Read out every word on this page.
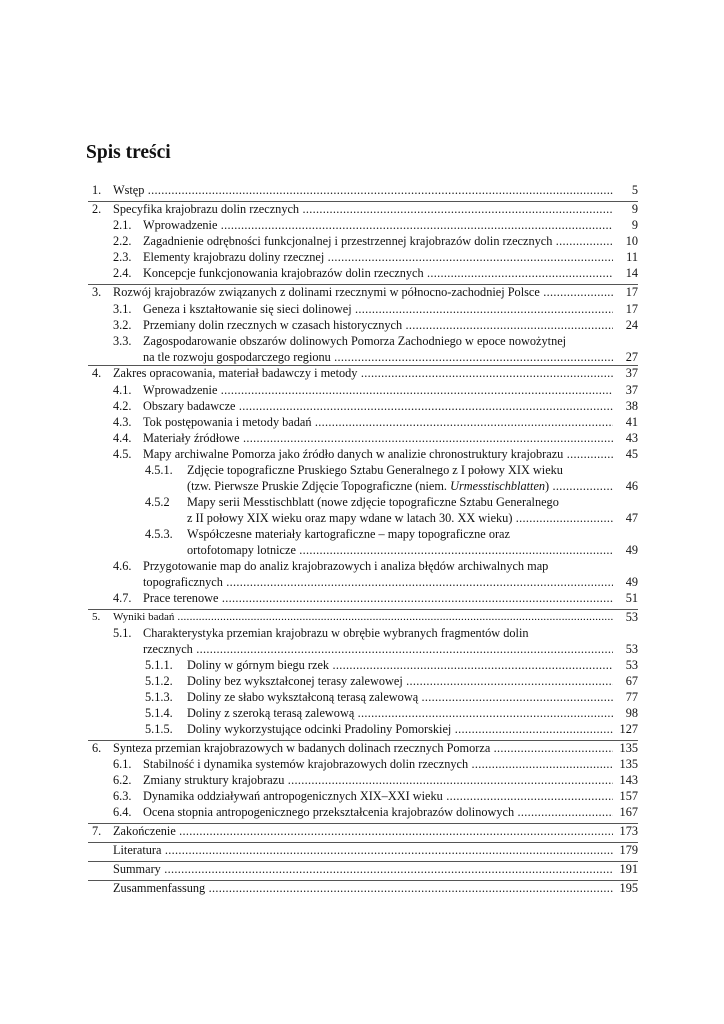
Spis treści
1. Wstęp .....	5
2. Specyfika krajobrazu dolin rzecznych .....	9
2.1. Wprowadzenie .....	9
2.2. Zagadnienie odrębności funkcjonalnej i przestrzennej krajobrazów dolin rzecznych .....	10
2.3. Elementy krajobrazu doliny rzecznej .....	11
2.4. Koncepcje funkcjonowania krajobrazów dolin rzecznych .....	14
3. Rozwój krajobrazów związanych z dolinami rzecznymi w północno-zachodniej Polsce .....	17
3.1. Geneza i kształtowanie się sieci dolinowej .....	17
3.2. Przemiany dolin rzecznych w czasach historycznych .....	24
3.3. Zagospodarowanie obszarów dolinowych Pomorza Zachodniego w epoce nowożytnej
na tle rozwoju gospodarczego regionu .....	27
4. Zakres opracowania, materiał badawczy i metody .....	37
4.1. Wprowadzenie .....	37
4.2. Obszary badawcze .....	38
4.3. Tok postępowania i metody badań .....	41
4.4. Materiały źródłowe .....	43
4.5. Mapy archiwalne Pomorza jako źródło danych w analizie chronostruktury krajobrazu .....	45
4.5.1. Zdjęcie topograficzne Pruskiego Sztabu Generalnego z I połowy XIX wieku
(tzw. Pierwsze Pruskie Zdjęcie Topograficzne (niem. Urmesstischblatten) .....	46
4.5.2 Mapy serii Messtischblatt (nowe zdjęcie topograficzne Sztabu Generalnego
z II połowy XIX wieku oraz mapy wdane w latach 30. XX wieku) .....	47
4.5.3. Współczesne materiały kartograficzne – mapy topograficzne oraz
ortofotomapy lotnicze .....	49
4.6. Przygotowanie map do analiz krajobrazowych i analiza błędów archiwalnych map
topograficznych .....	49
4.7. Prace terenowe .....	51
5. Wyniki badań .....	53
5.1. Charakterystyka przemian krajobrazu w obrębie wybranych fragmentów dolin
rzecznych .....	53
5.1.1. Doliny w górnym biegu rzek .....	53
5.1.2. Doliny bez wykształconej terasy zalewowej .....	67
5.1.3. Doliny ze słabo wykształconą terasą zalewową .....	77
5.1.4. Doliny z szeroką terasą zalewową .....	98
5.1.5. Doliny wykorzystujące odcinki Pradoliny Pomorskiej .....	127
6. Synteza przemian krajobrazowych w badanych dolinach rzecznych Pomorza .....	135
6.1. Stabilność i dynamika systemów krajobrazowych dolin rzecznych .....	135
6.2. Zmiany struktury krajobrazu .....	143
6.3. Dynamika oddziaływań antropogenicznych XIX–XXI wieku .....	157
6.4. Ocena stopnia antropogenicznego przekształcenia krajobrazów dolinowych .....	167
7. Zakończenie .....	173
Literatura .....	179
Summary .....	191
Zusammenfassung .....	195
